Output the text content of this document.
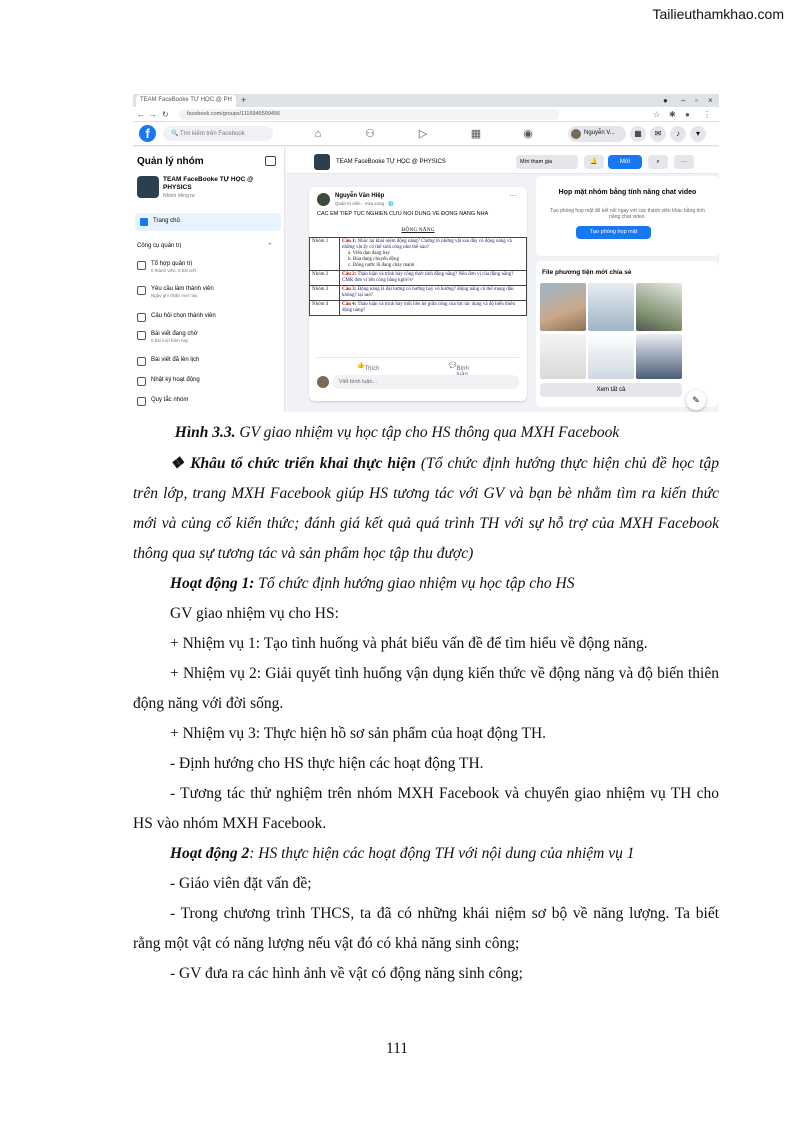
Tailieuthamkhao.com
TEAM FaceBooke TỰ HỌC @ PH	+	● – ▫ ×
← → ↻	facebook.com/groups/1116945599456	☆ ✱ ● ⋮
f	🔍 Tìm kiếm trên Facebook	⌂	⚇	▷	▦	◉	Nguyễn V...	▦	✉	♪	▾
Quản lý nhóm
TEAM FaceBooke TỰ HỌC @ PHYSICS
Nhóm riêng tư
Trang chủ
Công cụ quản trị	⌃
Tổ hợp quản trị
0 thành viên, 0 bài viết
Yêu cầu làm thành viên
Ngày ghi nhận mới nay
Câu hỏi chọn thành viên
Bài viết đang chờ
0 bài mới hôm nay
Bài viết đã lên lịch
Nhật ký hoạt động
Quy tắc nhóm
TEAM FaceBooke TỰ HỌC @ PHYSICS	Mời tham gia	🔔	Mời	⌕	···
Nguyễn Văn Hiệp
Quản trị viên · Vừa xong · 🌐
···
CÁC EM TIẾP TỤC NGHIÊN CỨU NỘI DUNG VỀ ĐỘNG NĂNG NHA
ĐỘNG NĂNG
Nhóm 1	Câu 1: Nhắc lại khái niệm động năng? Chứng tỏ những vật sau đây có động năng và những vật ấy có thể sinh công như thế nào?
a. Viên đạn đang bay
b. Búa đang chuyển động
c. Dòng nước lũ đang chảy mạnh

Nhóm 2	Câu 2: Thảo luận và trình bày công thức tính động năng? Nêu đơn vị của động năng? CMR đơn vị lớn còng bằng kgm²/s²
Nhóm 3	Câu 3: Động năng là đại lượng có hướng hay vô hướng? Động năng có thể mang dấu không? tại sao?
Nhóm 4	Câu 4: Thảo luận và trình bày mối liên hệ giữa công của lực tác dụng và độ biến thiên động năng?
👍 Thích	💬 Bình
Viết bình luận...
Họp mặt nhóm bằng tính năng chat video
Tạo phòng họp mặt để kết nối ngay với các thành viên khác bằng tính năng chat video.
Tạo phòng họp mặt
File phương tiện mới chia sẻ
Xem tất cả
✎
Hình 3.3. GV giao nhiệm vụ học tập cho HS thông qua MXH Facebook
❖ Khâu tổ chức triển khai thực hiện (Tổ chức định hướng thực hiện chủ đề học tập trên lớp, trang MXH Facebook giúp HS tương tác với GV và bạn bè nhằm tìm ra kiến thức mới và củng cố kiến thức; đánh giá kết quả quá trình TH với sự hỗ trợ của MXH Facebook thông qua sự tương tác và sản phẩm học tập thu được)
Hoạt động 1: Tổ chức định hướng giao nhiệm vụ học tập cho HS
GV giao nhiệm vụ cho HS:
+ Nhiệm vụ 1: Tạo tình huống và phát biểu vấn đề để tìm hiểu về động năng.
+ Nhiệm vụ 2: Giải quyết tình huống vận dụng kiến thức về động năng và độ biến thiên động năng với đời sống.
+ Nhiệm vụ 3: Thực hiện hồ sơ sản phẩm của hoạt động TH.
- Định hướng cho HS thực hiện các hoạt động TH.
- Tương tác thử nghiệm trên nhóm MXH Facebook và chuyển giao nhiệm vụ TH cho HS vào nhóm MXH Facebook.
Hoạt động 2: HS thực hiện các hoạt động TH với nội dung của nhiệm vụ 1
- Giáo viên đặt vấn đề;
- Trong chương trình THCS, ta đã có những khái niệm sơ bộ về năng lượng. Ta biết rằng một vật có năng lượng nếu vật đó có khả năng sinh công;
- GV đưa ra các hình ảnh về vật có động năng sinh công;
111
